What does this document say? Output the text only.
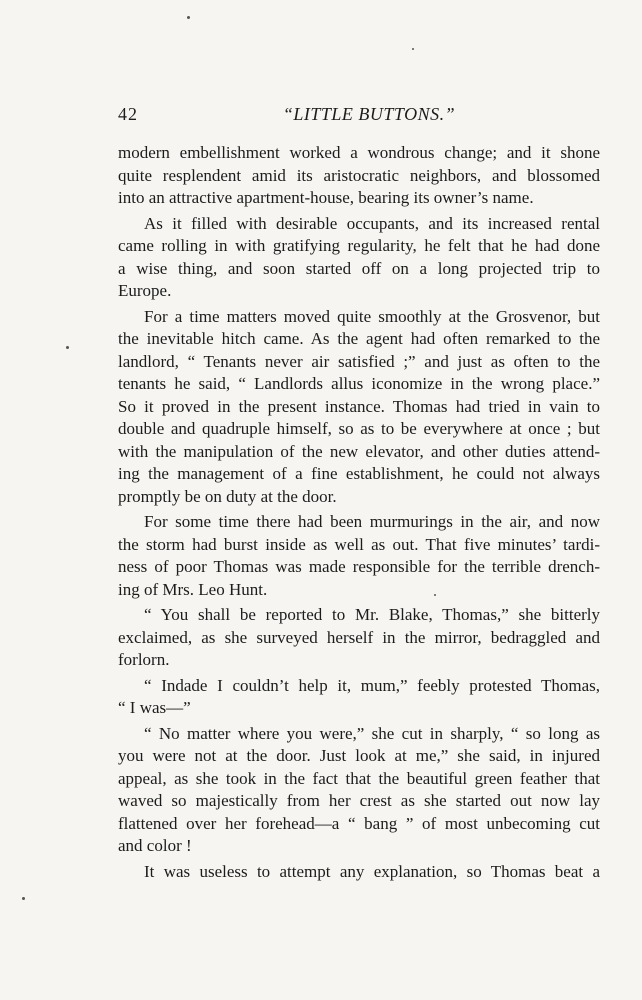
42	“LITTLE BUTTONS.”
modern embellishment worked a wondrous change; and it shone
quite resplendent amid its aristocratic neighbors, and blossomed
into an attractive apartment-house, bearing its owner’s name.
As it filled with desirable occupants, and its increased rental
came rolling in with gratifying regularity, he felt that he had done
a wise thing, and soon started off on a long projected trip to
Europe.
For a time matters moved quite smoothly at the Grosvenor, but
the inevitable hitch came. As the agent had often remarked to the
landlord, “ Tenants never air satisfied ;” and just as often to the
tenants he said, “ Landlords allus iconomize in the wrong place.”
So it proved in the present instance. Thomas had tried in vain to
double and quadruple himself, so as to be everywhere at once ; but
with the manipulation of the new elevator, and other duties attend-
ing the management of a fine establishment, he could not always
promptly be on duty at the door.
For some time there had been murmurings in the air, and now
the storm had burst inside as well as out. That five minutes’ tardi-
ness of poor Thomas was made responsible for the terrible drench-
ing of Mrs. Leo Hunt.
“ You shall be reported to Mr. Blake, Thomas,” she bitterly
exclaimed, as she surveyed herself in the mirror, bedraggled and
forlorn.
“ Indade I couldn’t help it, mum,” feebly protested Thomas,
“ I was—”
“ No matter where you were,” she cut in sharply, “ so long as
you were not at the door. Just look at me,” she said, in injured
appeal, as she took in the fact that the beautiful green feather that
waved so majestically from her crest as she started out now lay
flattened over her forehead—a “ bang ” of most unbecoming cut
and color !
It was useless to attempt any explanation, so Thomas beat a
